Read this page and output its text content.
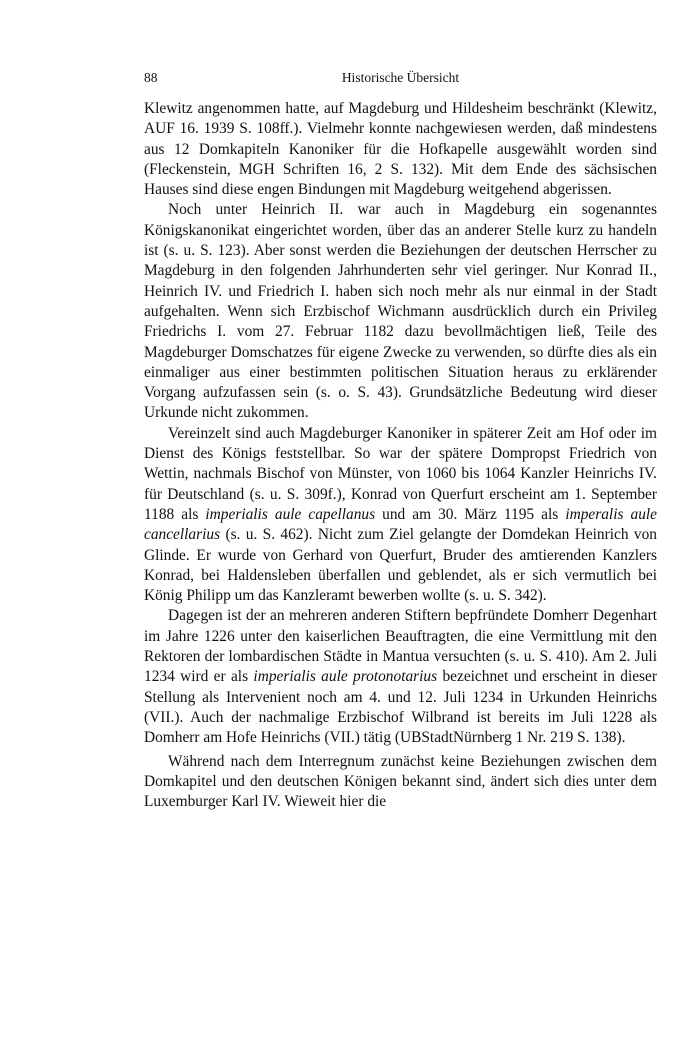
88	Historische Übersicht

Klewitz angenommen hatte, auf Magdeburg und Hildesheim beschränkt (Klewitz, AUF 16. 1939 S. 108ff.). Vielmehr konnte nachgewiesen werden, daß mindestens aus 12 Domkapiteln Kanoniker für die Hofkapelle ausgewählt worden sind (Fleckenstein, MGH Schriften 16, 2 S. 132). Mit dem Ende des sächsischen Hauses sind diese engen Bindungen mit Magdeburg weitgehend abgerissen.

Noch unter Heinrich II. war auch in Magdeburg ein sogenanntes Königskanonikat eingerichtet worden, über das an anderer Stelle kurz zu handeln ist (s. u. S. 123). Aber sonst werden die Beziehungen der deutschen Herrscher zu Magdeburg in den folgenden Jahrhunderten sehr viel geringer. Nur Konrad II., Heinrich IV. und Friedrich I. haben sich noch mehr als nur einmal in der Stadt aufgehalten. Wenn sich Erzbischof Wichmann ausdrücklich durch ein Privileg Friedrichs I. vom 27. Februar 1182 dazu bevollmächtigen ließ, Teile des Magdeburger Domschatzes für eigene Zwecke zu verwenden, so dürfte dies als ein einmaliger aus einer bestimmten politischen Situation heraus zu erklärender Vorgang aufzufassen sein (s. o. S. 43). Grundsätzliche Bedeutung wird dieser Urkunde nicht zukommen.

Vereinzelt sind auch Magdeburger Kanoniker in späterer Zeit am Hof oder im Dienst des Königs feststellbar. So war der spätere Dompropst Friedrich von Wettin, nachmals Bischof von Münster, von 1060 bis 1064 Kanzler Heinrichs IV. für Deutschland (s. u. S. 309f.), Konrad von Querfurt erscheint am 1. September 1188 als imperialis aule capellanus und am 30. März 1195 als imperalis aule cancellarius (s. u. S. 462). Nicht zum Ziel gelangte der Domdekan Heinrich von Glinde. Er wurde von Gerhard von Querfurt, Bruder des amtierenden Kanzlers Konrad, bei Haldensleben überfallen und geblendet, als er sich vermutlich bei König Philipp um das Kanzleramt bewerben wollte (s. u. S. 342).

Dagegen ist der an mehreren anderen Stiftern bepfründete Domherr Degenhart im Jahre 1226 unter den kaiserlichen Beauftragten, die eine Vermittlung mit den Rektoren der lombardischen Städte in Mantua versuchten (s. u. S. 410). Am 2. Juli 1234 wird er als imperialis aule protonotarius bezeichnet und erscheint in dieser Stellung als Intervenient noch am 4. und 12. Juli 1234 in Urkunden Heinrichs (VII.). Auch der nachmalige Erzbischof Wilbrand ist bereits im Juli 1228 als Domherr am Hofe Heinrichs (VII.) tätig (UBStadtNürnberg 1 Nr. 219 S. 138).

Während nach dem Interregnum zunächst keine Beziehungen zwischen dem Domkapitel und den deutschen Königen bekannt sind, ändert sich dies unter dem Luxemburger Karl IV. Wieweit hier die
